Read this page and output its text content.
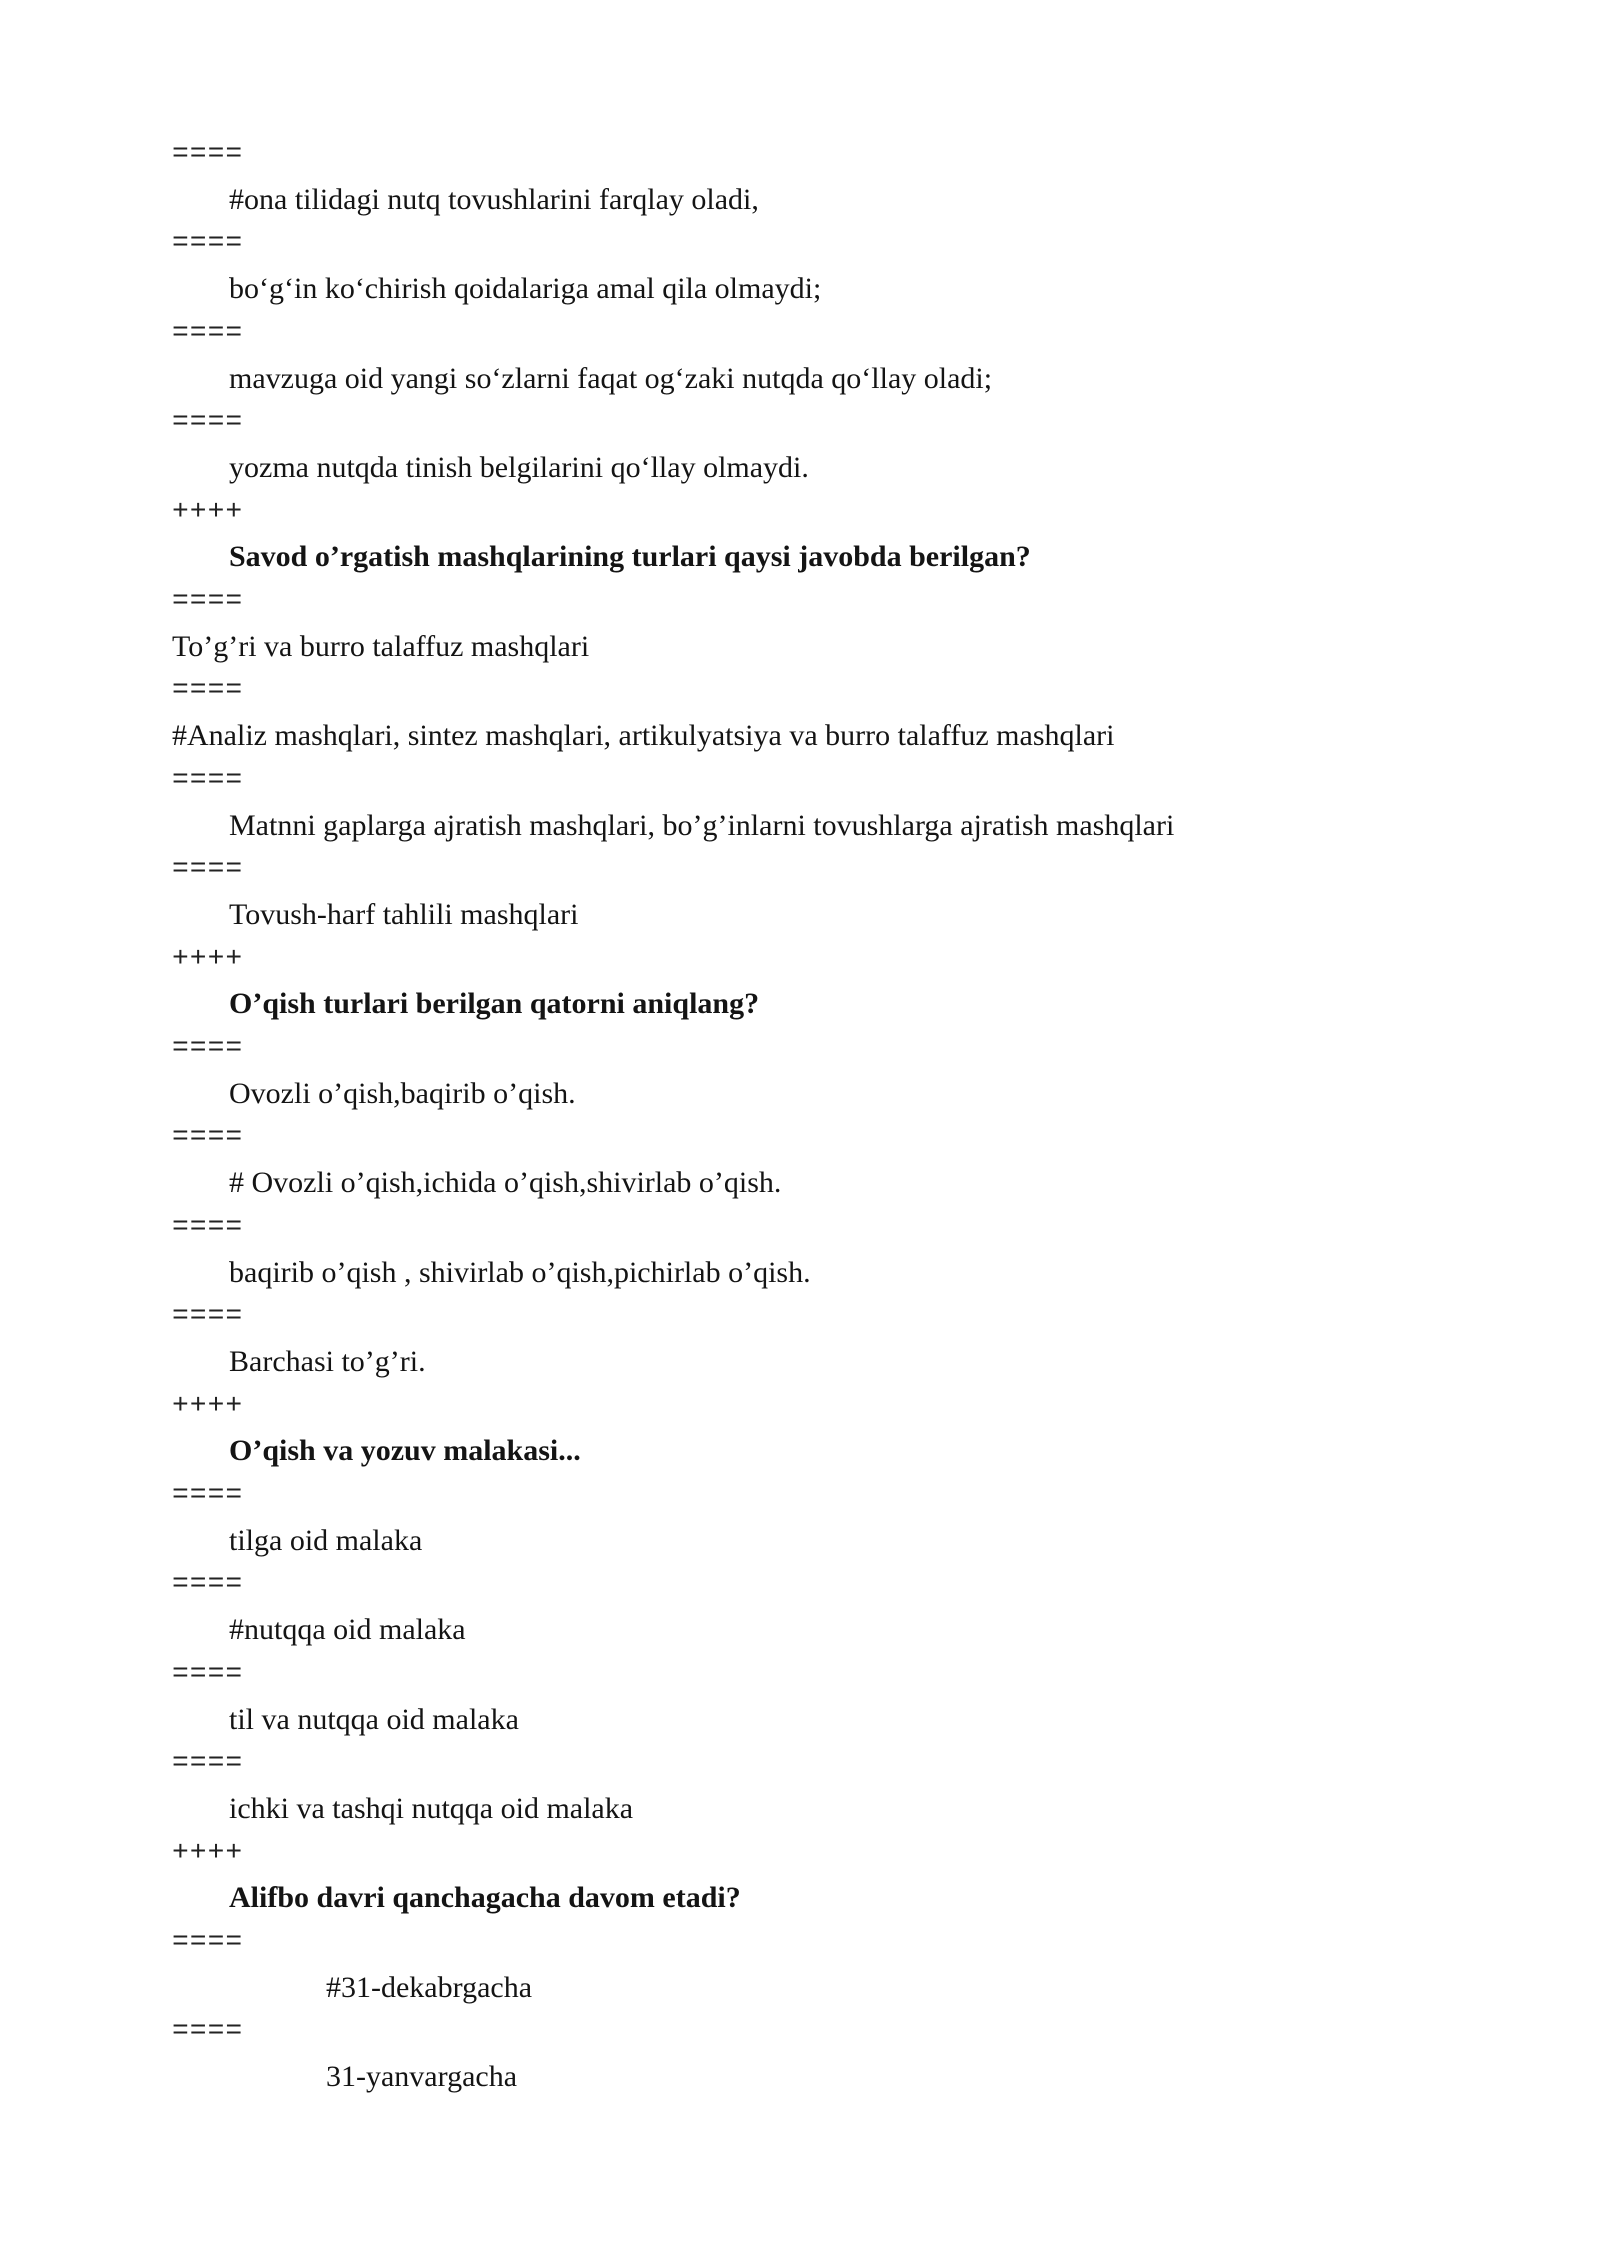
====
#ona tilidagi nutq tovushlarini farqlay oladi,
====
bo‘g‘in ko‘chirish qoidalariga amal qila olmaydi;
====
mavzuga oid yangi so‘zlarni faqat og‘zaki nutqda qo‘llay oladi;
====
yozma nutqda tinish belgilarini qo‘llay olmaydi.
++++
Savod o’rgatish mashqlarining turlari qaysi javobda berilgan?
====
To’g’ri va burro talaffuz mashqlari
====
#Analiz mashqlari, sintez mashqlari, artikulyatsiya va burro talaffuz mashqlari
====
Matnni gaplarga ajratish mashqlari, bo’g’inlarni tovushlarga ajratish mashqlari
====
Tovush-harf tahlili mashqlari
++++
O’qish turlari berilgan qatorni aniqlang?
====
Ovozli o’qish,baqirib o’qish.
====
# Ovozli o’qish,ichida o’qish,shivirlab o’qish.
====
baqirib o’qish , shivirlab o’qish,pichirlab o’qish.
====
Barchasi to’g’ri.
++++
O’qish va yozuv malakasi...
====
tilga oid malaka
====
#nutqqa oid malaka
====
til va nutqqa oid malaka
====
ichki va tashqi nutqqa oid malaka
++++
Alifbo davri qanchagacha davom etadi?
====
#31-dekabrgacha
====
31-yanvargacha
